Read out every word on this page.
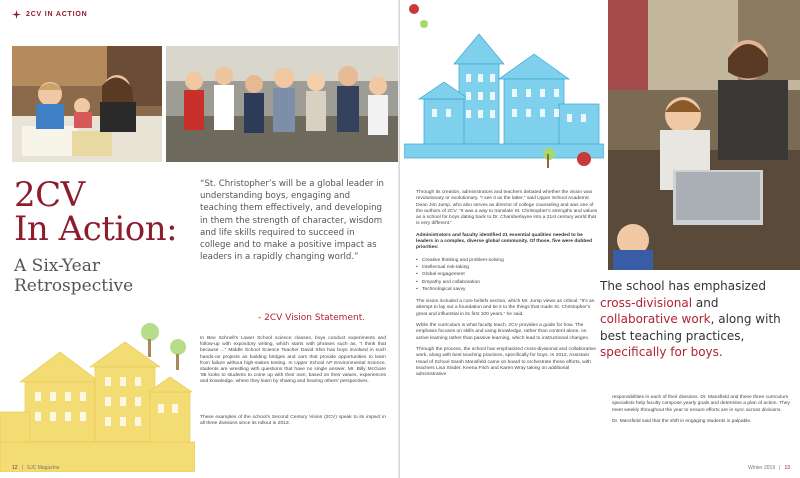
2CV IN ACTION
2CV
In Action:
A Six-Year
Retrospective
“St. Christopher’s will be a global leader in understanding boys, engaging and teaching them effectively, and developing in them the strength of character, wisdom and life skills required to succeed in college and to make a positive impact as leaders in a rapidly changing world.”
- 2CV Vision Statement.
In Bee Schnell’s Lower School science classes, boys conduct experiments and follow-up with expository writing, which starts with phrases such as, “I think that because ...” Middle School Science Teacher David Shin has boys involved in such hands-on projects as building bridges and cars that provide opportunities to learn from failure without high-stakes testing. In Upper School AP Environmental Science, students are wrestling with questions that have no single answer. Mr. Billy McGuire ’85 looks to students to come up with their own, based on their values, experiences and knowledge, where they learn by sharing and hearing others’ perspectives.
These examples of the school’s Second Century Vision (2CV) speak to its impact in all three divisions since its rollout in 2013.
12 | SJC Magazine

Through its creation, administrators and teachers debated whether the vision was revolutionary or evolutionary. “I see it as the latter,” said Upper School Academic Dean Jim Jump, who also serves as director of college counseling and was one of the authors of 2CV. “It was a way to translate St. Christopher’s strengths and values as a school for boys dating back to Dr. Chamberlayne into a 21st century world that is very different.”

Administrators and faculty identified 21 essential qualities needed to be leaders in a complex, diverse global community. Of those, five were dubbed priorities:

• Creative thinking and problem-solving
• Intellectual risk-taking
• Global engagement
• Empathy and collaboration
• Technological savvy

The vision included a core beliefs section, which Mr. Jump views as critical. “It’s an attempt to lay out a foundation and tie it to the things that made St. Christopher’s great and influential in its first 100 years,” he said.

While the curriculum is what faculty teach, 2CV provides a guide for how. The emphasis focuses on skills and using knowledge, rather than content alone, on active learning rather than passive learning, which lead to instructional changes.

Through the process, the school has emphasized cross-divisional and collaborative work, along with best teaching practices, specifically for boys. In 2012, Assistant Head of School Sarah Mansfield came on board to orchestrate these efforts, with teachers Lisa Snider, Keena Fitch and Karen Wray taking on additional administrative

The school has emphasized cross-divisional and collaborative work, along with best teaching practices, specifically for boys.

responsibilities in each of their divisions. Dr. Mansfield and these three curriculum specialists help faculty compose yearly goals and determine a plan of action. They meet weekly throughout the year to ensure efforts are in sync across divisions.

Dr. Mansfield said that the shift in engaging students is palpable.

Winter 2019 | 13
